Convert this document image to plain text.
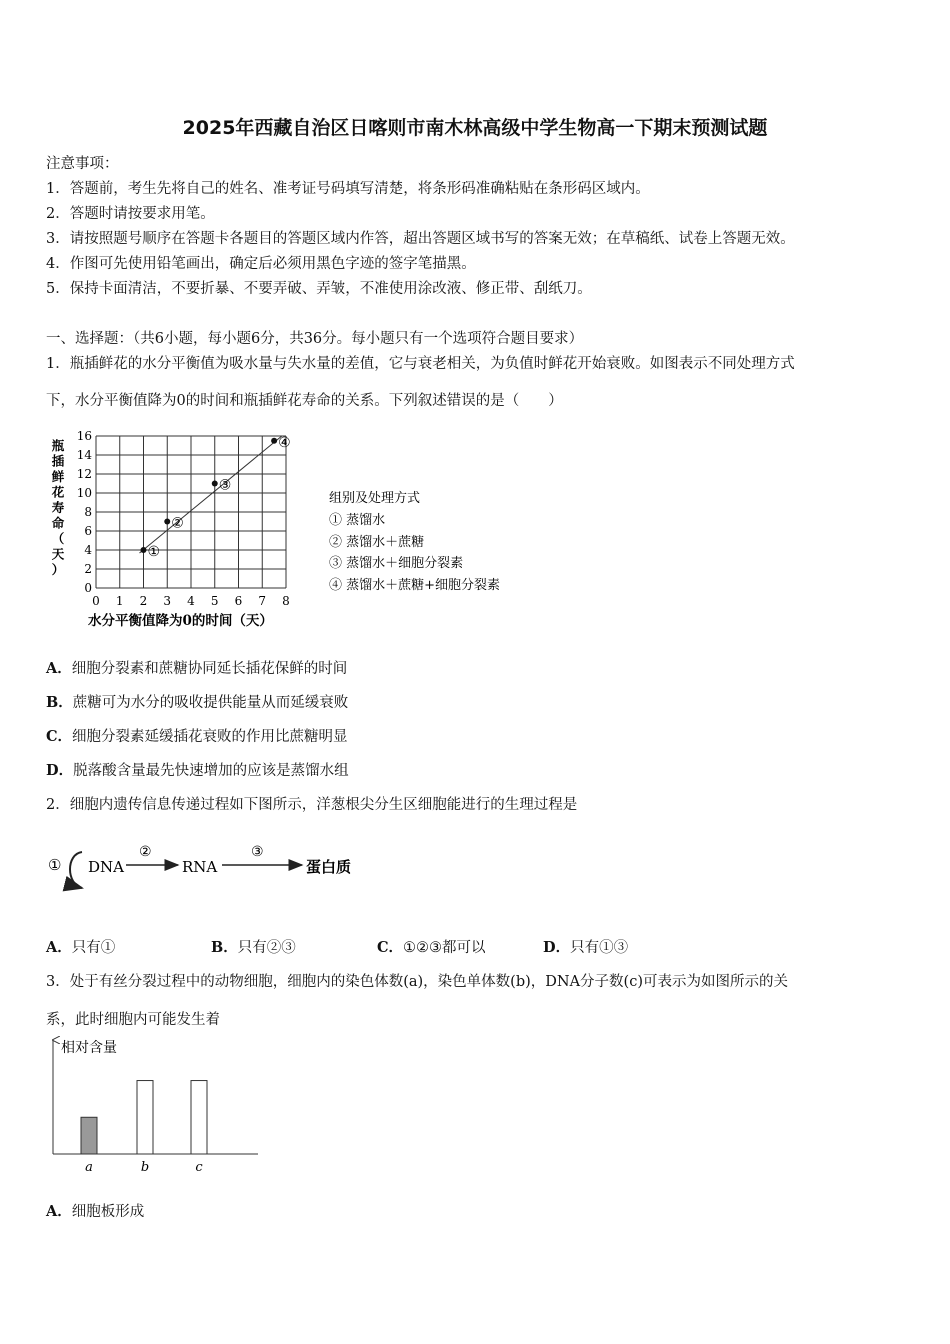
2025年西藏自治区日喀则市南木林高级中学生物高一下期末预测试题
注意事项：
1．答题前，考生先将自己的姓名、准考证号码填写清楚，将条形码准确粘贴在条形码区域内。
2．答题时请按要求用笔。
3．请按照题号顺序在答题卡各题目的答题区域内作答，超出答题区域书写的答案无效；在草稿纸、试卷上答题无效。
4．作图可先使用铅笔画出，确定后必须用黑色字迹的签字笔描黑。
5．保持卡面清洁，不要折暴、不要弄破、弄皱，不准使用涂改液、修正带、刮纸刀。
一、选择题：（共6小题，每小题6分，共36分。每小题只有一个选项符合题目要求）
1．瓶插鲜花的水分平衡值为吸水量与失水量的差值，它与衰老相关，为负值时鲜花开始衰败。如图表示不同处理方式
下，水分平衡值降为0的时间和瓶插鲜花寿命的关系。下列叙述错误的是（　　）
瓶
插
鲜
花
寿
命
（
天
）
0
2
4
6
8
10
12
14
16
0 1 2 3 4 5 6 7 8
①
②
③
④
水分平衡值降为0的时间（天）
组别及处理方式
① 蒸馏水
② 蒸馏水＋蔗糖
③ 蒸馏水＋细胞分裂素
④ 蒸馏水＋蔗糖+细胞分裂素
A．细胞分裂素和蔗糖协同延长插花保鲜的时间
B．蔗糖可为水分的吸收提供能量从而延缓衰败
C．细胞分裂素延缓插花衰败的作用比蔗糖明显
D．脱落酸含量最先快速增加的应该是蒸馏水组
2．细胞内遗传信息传递过程如下图所示，洋葱根尖分生区细胞能进行的生理过程是
① DNA
②
RNA
③
蛋白质
A．只有①	B．只有②③	C．①②③都可以	D．只有①③
3．处于有丝分裂过程中的动物细胞，细胞内的染色体数(a)，染色单体数(b)，DNA分子数(c)可表示为如图所示的关
系，此时细胞内可能发生着
相对含量
a	b	c
A．细胞板形成
